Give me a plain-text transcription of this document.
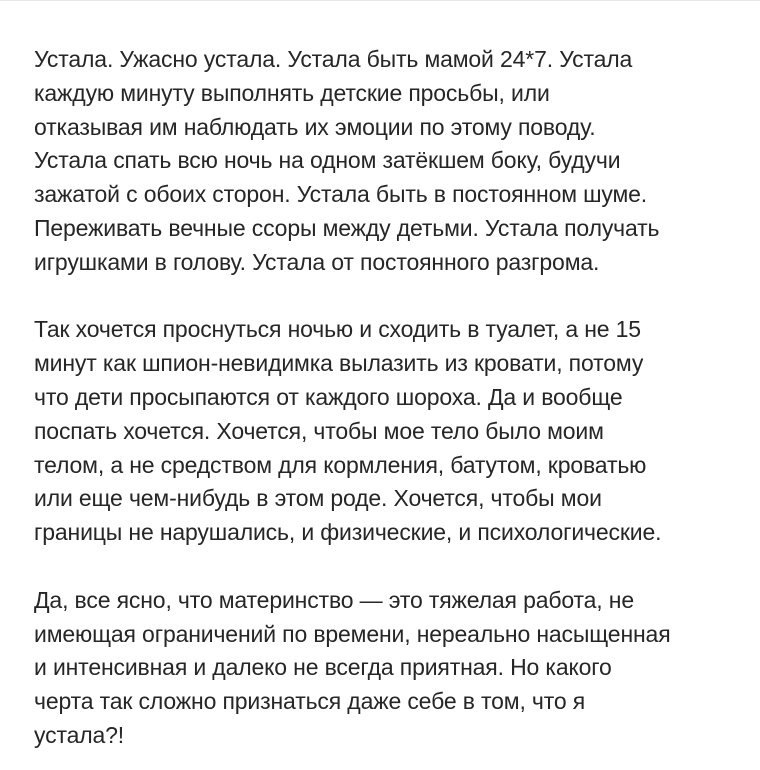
Устала. Ужасно устала. Устала быть мамой 24*7. Устала
каждую минуту выполнять детские просьбы, или
отказывая им наблюдать их эмоции по этому поводу.
Устала спать всю ночь на одном затёкшем боку, будучи
зажатой с обоих сторон. Устала быть в постоянном шуме.
Переживать вечные ссоры между детьми. Устала получать
игрушками в голову. Устала от постоянного разгрома.

Так хочется проснуться ночью и сходить в туалет, а не 15
минут как шпион-невидимка вылазить из кровати, потому
что дети просыпаются от каждого шороха. Да и вообще
поспать хочется. Хочется, чтобы мое тело было моим
телом, а не средством для кормления, батутом, кроватью
или еще чем-нибудь в этом роде. Хочется, чтобы мои
границы не нарушались, и физические, и психологические.

Да, все ясно, что материнство — это тяжелая работа, не
имеющая ограничений по времени, нереально насыщенная
и интенсивная и далеко не всегда приятная. Но какого
черта так сложно признаться даже себе в том, что я
устала?!
